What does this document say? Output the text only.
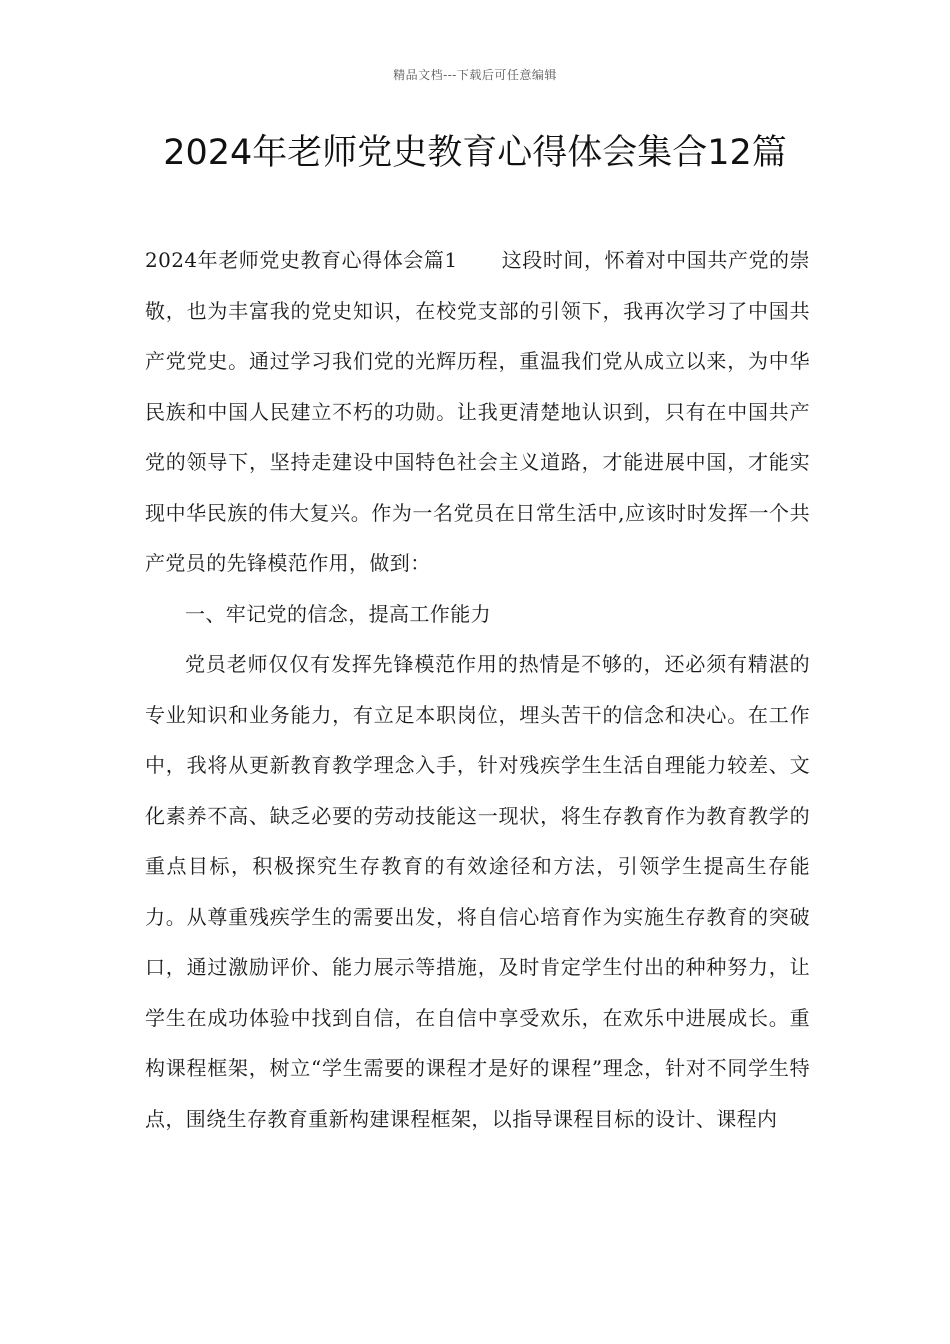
精品文档---下载后可任意编辑
2024年老师党史教育心得体会集合12篇

2024年老师党史教育心得体会篇1 这段时间，怀着对中国共产党的崇敬，也为丰富我的党史知识，在校党支部的引领下，我再次学习了中国共产党党史。通过学习我们党的光辉历程，重温我们党从成立以来，为中华民族和中国人民建立不朽的功勋。让我更清楚地认识到，只有在中国共产党的领导下，坚持走建设中国特色社会主义道路，才能进展中国，才能实现中华民族的伟大复兴。作为一名党员在日常生活中,应该时时发挥一个共产党员的先锋模范作用，做到：

一、牢记党的信念，提高工作能力

党员老师仅仅有发挥先锋模范作用的热情是不够的，还必须有精湛的专业知识和业务能力，有立足本职岗位，埋头苦干的信念和决心。在工作中，我将从更新教育教学理念入手，针对残疾学生生活自理能力较差、文化素养不高、缺乏必要的劳动技能这一现状，将生存教育作为教育教学的重点目标，积极探究生存教育的有效途径和方法，引领学生提高生存能力。从尊重残疾学生的需要出发，将自信心培育作为实施生存教育的突破口，通过激励评价、能力展示等措施，及时肯定学生付出的种种努力，让学生在成功体验中找到自信，在自信中享受欢乐，在欢乐中进展成长。重构课程框架，树立“学生需要的课程才是好的课程”理念，针对不同学生特点，围绕生存教育重新构建课程框架，以指导课程目标的设计、课程内
